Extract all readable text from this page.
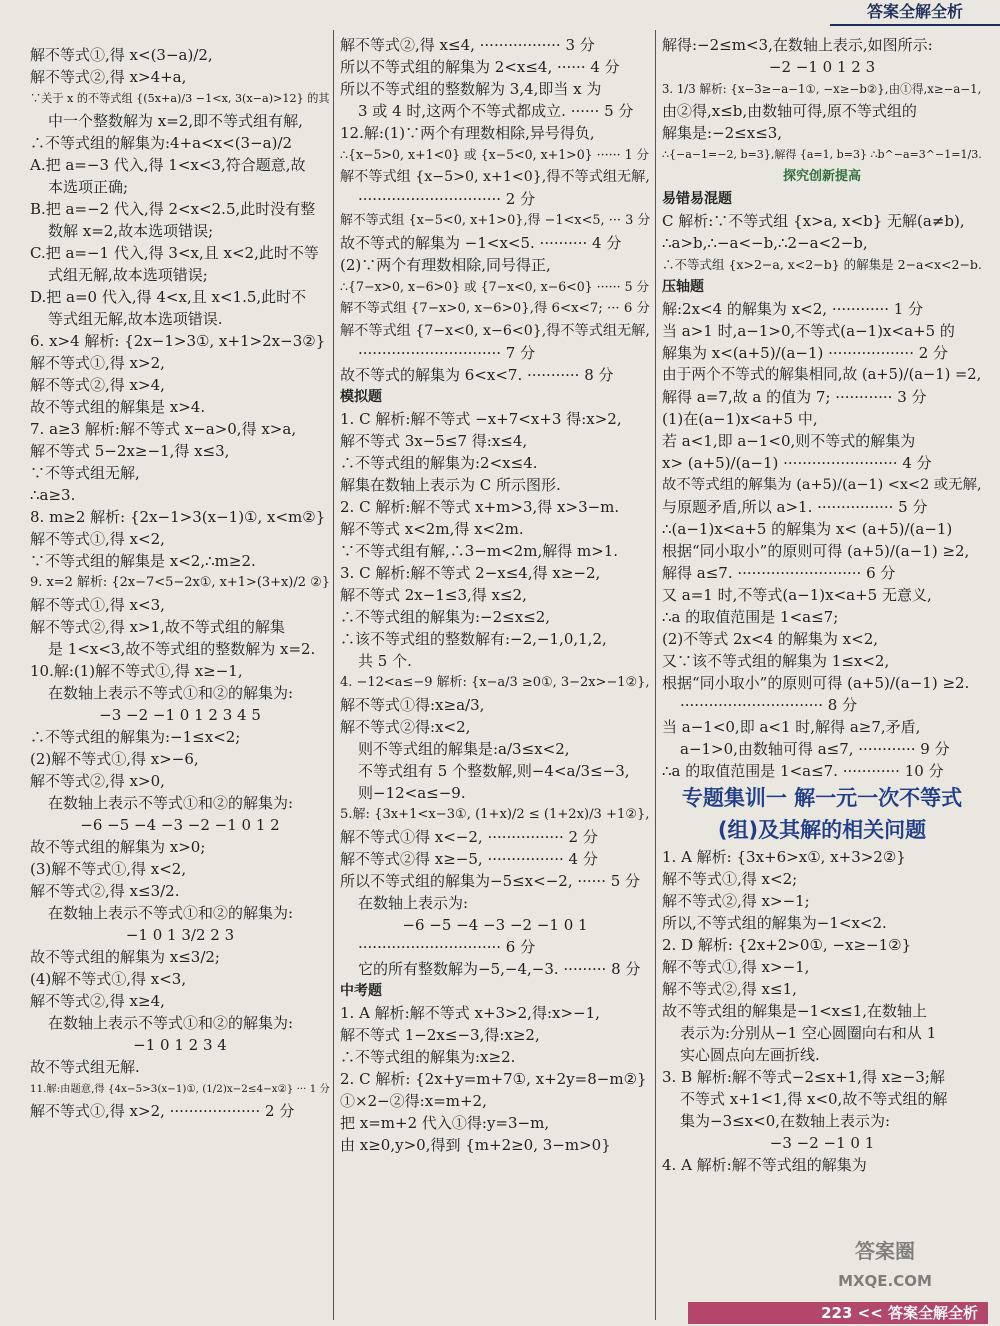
答案全解全析
解不等式①,得 x<(3−a)/2,
解不等式②,得 x>4+a,
∵关于 x 的不等式组 {(5x+a)/3 −1<x, 3(x−a)>12} 的其
中一个整数解为 x=2,即不等式组有解,
∴不等式组的解集为:4+a<x<(3−a)/2
A.把 a=−3 代入,得 1<x<3,符合题意,故
本选项正确;
B.把 a=−2 代入,得 2<x<2.5,此时没有整
数解 x=2,故本选项错误;
C.把 a=−1 代入,得 3<x,且 x<2,此时不等
式组无解,故本选项错误;
D.把 a=0 代入,得 4<x,且 x<1.5,此时不
等式组无解,故本选项错误.
6. x>4 解析: {2x−1>3①, x+1>2x−3②}
解不等式①,得 x>2,
解不等式②,得 x>4,
故不等式组的解集是 x>4.
7. a≥3 解析:解不等式 x−a>0,得 x>a,
解不等式 5−2x≥−1,得 x≤3,
∵不等式组无解,
∴a≥3.
8. m≥2 解析: {2x−1>3(x−1)①, x<m②}
解不等式①,得 x<2,
∵不等式组的解集是 x<2,∴m≥2.
9. x=2 解析: {2x−7<5−2x①, x+1>(3+x)/2 ②}
解不等式①,得 x<3,
解不等式②,得 x>1,故不等式组的解集
是 1<x<3,故不等式组的整数解为 x=2.
10.解:(1)解不等式①,得 x≥−1,
在数轴上表示不等式①和②的解集为:
−3 −2 −1 0 1 2 3 4 5
∴不等式组的解集为:−1≤x<2;
(2)解不等式①,得 x>−6,
解不等式②,得 x>0,
在数轴上表示不等式①和②的解集为:
−6 −5 −4 −3 −2 −1 0 1 2
故不等式组的解集为 x>0;
(3)解不等式①,得 x<2,
解不等式②,得 x≤3/2.
在数轴上表示不等式①和②的解集为:
−1 0 1 3/2 2 3
故不等式组的解集为 x≤3/2;
(4)解不等式①,得 x<3,
解不等式②,得 x≥4,
在数轴上表示不等式①和②的解集为:
−1 0 1 2 3 4
故不等式组无解.
11.解:由题意,得 {4x−5>3(x−1)①, (1/2)x−2≤4−x②} ··· 1 分
解不等式①,得 x>2, ··················· 2 分
解不等式②,得 x≤4, ················· 3 分
所以不等式组的解集为 2<x≤4, ······ 4 分
所以不等式组的整数解为 3,4,即当 x 为
3 或 4 时,这两个不等式都成立. ······ 5 分
12.解:(1)∵两个有理数相除,异号得负,
∴{x−5>0, x+1<0} 或 {x−5<0, x+1>0} ······ 1 分
解不等式组 {x−5>0, x+1<0},得不等式组无解,
······························ 2 分
解不等式组 {x−5<0, x+1>0},得 −1<x<5, ··· 3 分
故不等式的解集为 −1<x<5. ·········· 4 分
(2)∵两个有理数相除,同号得正,
∴{7−x>0, x−6>0} 或 {7−x<0, x−6<0} ······ 5 分
解不等式组 {7−x>0, x−6>0},得 6<x<7; ··· 6 分
解不等式组 {7−x<0, x−6<0},得不等式组无解,
······························ 7 分
故不等式的解集为 6<x<7. ··········· 8 分
模拟题
1. C 解析:解不等式 −x+7<x+3 得:x>2,
解不等式 3x−5≤7 得:x≤4,
∴不等式组的解集为:2<x≤4.
解集在数轴上表示为 C 所示图形.
2. C 解析:解不等式 x+m>3,得 x>3−m.
解不等式 x<2m,得 x<2m.
∵不等式组有解,∴3−m<2m,解得 m>1.
3. C 解析:解不等式 2−x≤4,得 x≥−2,
解不等式 2x−1≤3,得 x≤2,
∴不等式组的解集为:−2≤x≤2,
∴该不等式组的整数解有:−2,−1,0,1,2,
共 5 个.
4. −12<a≤−9 解析: {x−a/3 ≥0①, 3−2x>−1②},
解不等式①得:x≥a/3,
解不等式②得:x<2,
则不等式组的解集是:a/3≤x<2,
不等式组有 5 个整数解,则−4<a/3≤−3,
则−12<a≤−9.
5.解: {3x+1<x−3①, (1+x)/2 ≤ (1+2x)/3 +1②},
解不等式①得 x<−2, ················ 2 分
解不等式②得 x≥−5, ················ 4 分
所以不等式组的解集为−5≤x<−2, ······ 5 分
在数轴上表示为:
−6 −5 −4 −3 −2 −1 0 1
······························ 6 分
它的所有整数解为−5,−4,−3. ········· 8 分
中考题
1. A 解析:解不等式 x+3>2,得:x>−1,
解不等式 1−2x≤−3,得:x≥2,
∴不等式组的解集为:x≥2.
2. C 解析: {2x+y=m+7①, x+2y=8−m②}
①×2−②得:x=m+2,
把 x=m+2 代入①得:y=3−m,
由 x≥0,y>0,得到 {m+2≥0, 3−m>0}
解得:−2≤m<3,在数轴上表示,如图所示:
−2 −1 0 1 2 3
3. 1/3 解析: {x−3≥−a−1①, −x≥−b②},由①得,x≥−a−1,
由②得,x≤b,由数轴可得,原不等式组的
解集是:−2≤x≤3,
∴{−a−1=−2, b=3},解得 {a=1, b=3} ∴b^−a=3^−1=1/3.
探究创新提高
易错易混题
C 解析:∵不等式组 {x>a, x<b} 无解(a≠b),
∴a>b,∴−a<−b,∴2−a<2−b,
∴不等式组 {x>2−a, x<2−b} 的解集是 2−a<x<2−b.
压轴题
解:2x<4 的解集为 x<2, ············ 1 分
当 a>1 时,a−1>0,不等式(a−1)x<a+5 的
解集为 x<(a+5)/(a−1) ·················· 2 分
由于两个不等式的解集相同,故 (a+5)/(a−1) =2,
解得 a=7,故 a 的值为 7; ············ 3 分
(1)在(a−1)x<a+5 中,
若 a<1,即 a−1<0,则不等式的解集为
x> (a+5)/(a−1) ························ 4 分
故不等式组的解集为 (a+5)/(a−1) <x<2 或无解,
与原题矛盾,所以 a>1. ················ 5 分
∴(a−1)x<a+5 的解集为 x< (a+5)/(a−1)
根据“同小取小”的原则可得 (a+5)/(a−1) ≥2,
解得 a≤7. ·························· 6 分
又 a=1 时,不等式(a−1)x<a+5 无意义,
∴a 的取值范围是 1<a≤7;
(2)不等式 2x<4 的解集为 x<2,
又∵该不等式组的解集为 1≤x<2,
根据“同小取小”的原则可得 (a+5)/(a−1) ≥2.
······························ 8 分
当 a−1<0,即 a<1 时,解得 a≥7,矛盾,
a−1>0,由数轴可得 a≤7, ············ 9 分
∴a 的取值范围是 1<a≤7. ············ 10 分
专题集训一 解一元一次不等式(组)及其解的相关问题
1. A 解析: {3x+6>x①, x+3>2②}
解不等式①,得 x<2;
解不等式②,得 x>−1;
所以,不等式组的解集为−1<x<2.
2. D 解析: {2x+2>0①, −x≥−1②}
解不等式①,得 x>−1,
解不等式②,得 x≤1,
故不等式组的解集是−1<x≤1,在数轴上
表示为:分别从−1 空心圆圈向右和从 1
实心圆点向左画折线.
3. B 解析:解不等式−2≤x+1,得 x≥−3;解
不等式 x+1<1,得 x<0,故不等式组的解
集为−3≤x<0,在数轴上表示为:
−3 −2 −1 0 1
4. A 解析:解不等式组的解集为
答案圈
MXQE.COM
223 << 答案全解全析
